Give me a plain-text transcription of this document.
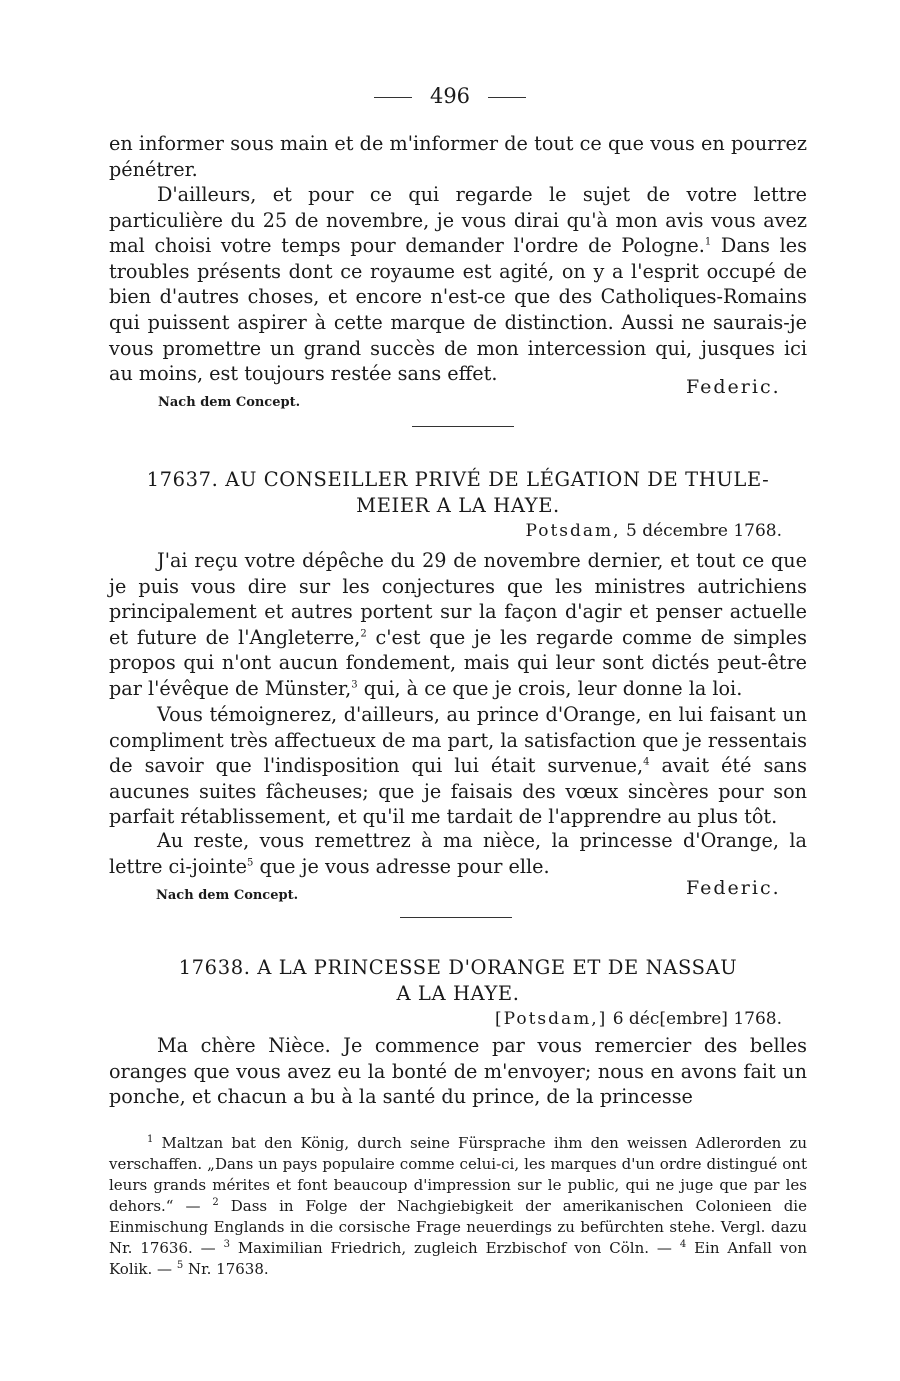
496
en informer sous main et de m'informer de tout ce que vous en pourrez pénétrer.
D'ailleurs, et pour ce qui regarde le sujet de votre lettre particulière du 25 de novembre, je vous dirai qu'à mon avis vous avez mal choisi votre temps pour demander l'ordre de Pologne.$^1$ Dans les troubles présents dont ce royaume est agité, on y a l'esprit occupé de bien d'autres choses, et encore n'est-ce que des Catholiques-Romains qui puissent aspirer à cette marque de distinction. Aussi ne saurais-je vous promettre un grand succès de mon intercession qui, jusques ici au moins, est toujours restée sans effet.
Federic.
Nach dem Concept.
17637. AU CONSEILLER PRIVÉ DE LÉGATION DE THULE-
MEIER A LA HAYE.
Potsdam, 5 décembre 1768.
J'ai reçu votre dépêche du 29 de novembre dernier, et tout ce que je puis vous dire sur les conjectures que les ministres autrichiens principalement et autres portent sur la façon d'agir et penser actuelle et future de l'Angleterre,$^2$ c'est que je les regarde comme de simples propos qui n'ont aucun fondement, mais qui leur sont dictés peut-être par l'évêque de Münster,$^3$ qui, à ce que je crois, leur donne la loi.
Vous témoignerez, d'ailleurs, au prince d'Orange, en lui faisant un compliment très affectueux de ma part, la satisfaction que je ressentais de savoir que l'indisposition qui lui était survenue,$^4$ avait été sans aucunes suites fâcheuses; que je faisais des vœux sincères pour son parfait rétablissement, et qu'il me tardait de l'apprendre au plus tôt.
Au reste, vous remettrez à ma nièce, la princesse d'Orange, la lettre ci-jointe$^5$ que je vous adresse pour elle.
Federic.
Nach dem Concept.
17638. A LA PRINCESSE D'ORANGE ET DE NASSAU
A LA HAYE.
[Potsdam,] 6 déc[embre] 1768.
Ma chère Nièce. Je commence par vous remercier des belles oranges que vous avez eu la bonté de m'envoyer; nous en avons fait un ponche, et chacun a bu à la santé du prince, de la princesse
$^1$ Maltzan bat den König, durch seine Fürsprache ihm den weissen Adlerorden zu verschaffen. „Dans un pays populaire comme celui-ci, les marques d'un ordre distingué ont leurs grands mérites et font beaucoup d'impression sur le public, qui ne juge que par les dehors.“ — $^2$ Dass in Folge der Nachgiebigkeit der amerikanischen Colonieen die Einmischung Englands in die corsische Frage neuerdings zu befürchten stehe. Vergl. dazu Nr. 17636. — $^3$ Maximilian Friedrich, zugleich Erzbischof von Cöln. — $^4$ Ein Anfall von Kolik. — $^5$ Nr. 17638.
